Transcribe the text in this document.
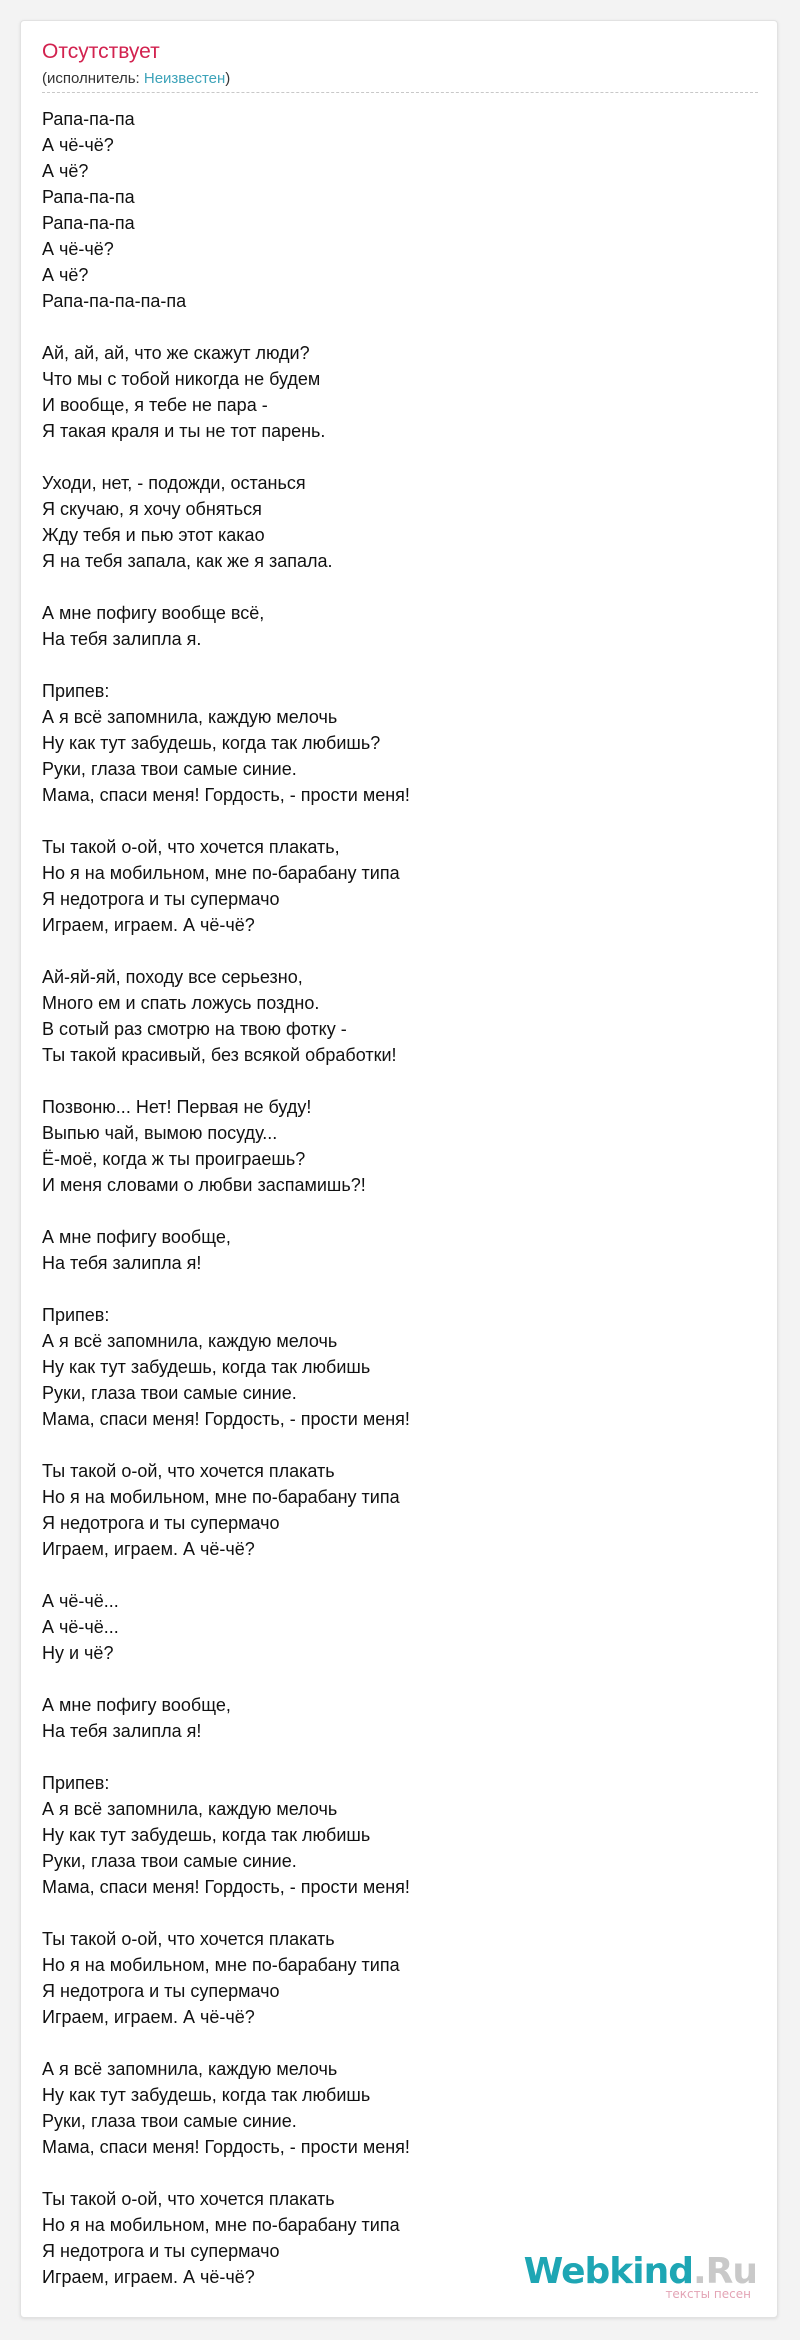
Отсутствует
(исполнитель: Неизвестен)
Рапа-па-па
А чё-чё?
А чё?
Рапа-па-па
Рапа-па-па
А чё-чё?
А чё?
Рапа-па-па-па-па
Ай, ай, ай, что же скажут люди?
Что мы с тобой никогда не будем
И вообще, я тебе не пара -
Я такая краля и ты не тот парень.
Уходи, нет, - подожди, останься
Я скучаю, я хочу обняться
Жду тебя и пью этот какао
Я на тебя запала, как же я запала.
А мне пофигу вообще всё,
На тебя залипла я.
Припев:
А я всё запомнила, каждую мелочь
Ну как тут забудешь, когда так любишь?
Руки, глаза твои самые синие.
Мама, спаси меня! Гордость, - прости меня!
Ты такой о-ой, что хочется плакать,
Но я на мобильном, мне по-барабану типа
Я недотрога и ты супермачо
Играем, играем. А чё-чё?
Ай-яй-яй, походу все серьезно,
Много ем и спать ложусь поздно.
В сотый раз смотрю на твою фотку -
Ты такой красивый, без всякой обработки!
Позвоню... Нет! Первая не буду!
Выпью чай, вымою посуду...
Ё-моё, когда ж ты проиграешь?
И меня словами о любви заспамишь?!
А мне пофигу вообще,
На тебя залипла я!
Припев:
А я всё запомнила, каждую мелочь
Ну как тут забудешь, когда так любишь
Руки, глаза твои самые синие.
Мама, спаси меня! Гордость, - прости меня!
Ты такой о-ой, что хочется плакать
Но я на мобильном, мне по-барабану типа
Я недотрога и ты супермачо
Играем, играем. А чё-чё?
А чё-чё...
А чё-чё...
Ну и чё?
А мне пофигу вообще,
На тебя залипла я!
Припев:
А я всё запомнила, каждую мелочь
Ну как тут забудешь, когда так любишь
Руки, глаза твои самые синие.
Мама, спаси меня! Гордость, - прости меня!
Ты такой о-ой, что хочется плакать
Но я на мобильном, мне по-барабану типа
Я недотрога и ты супермачо
Играем, играем. А чё-чё?
А я всё запомнила, каждую мелочь
Ну как тут забудешь, когда так любишь
Руки, глаза твои самые синие.
Мама, спаси меня! Гордость, - прости меня!
Ты такой о-ой, что хочется плакать
Но я на мобильном, мне по-барабану типа
Я недотрога и ты супермачо
Играем, играем. А чё-чё?	Webkind.Ru
тексты песен
